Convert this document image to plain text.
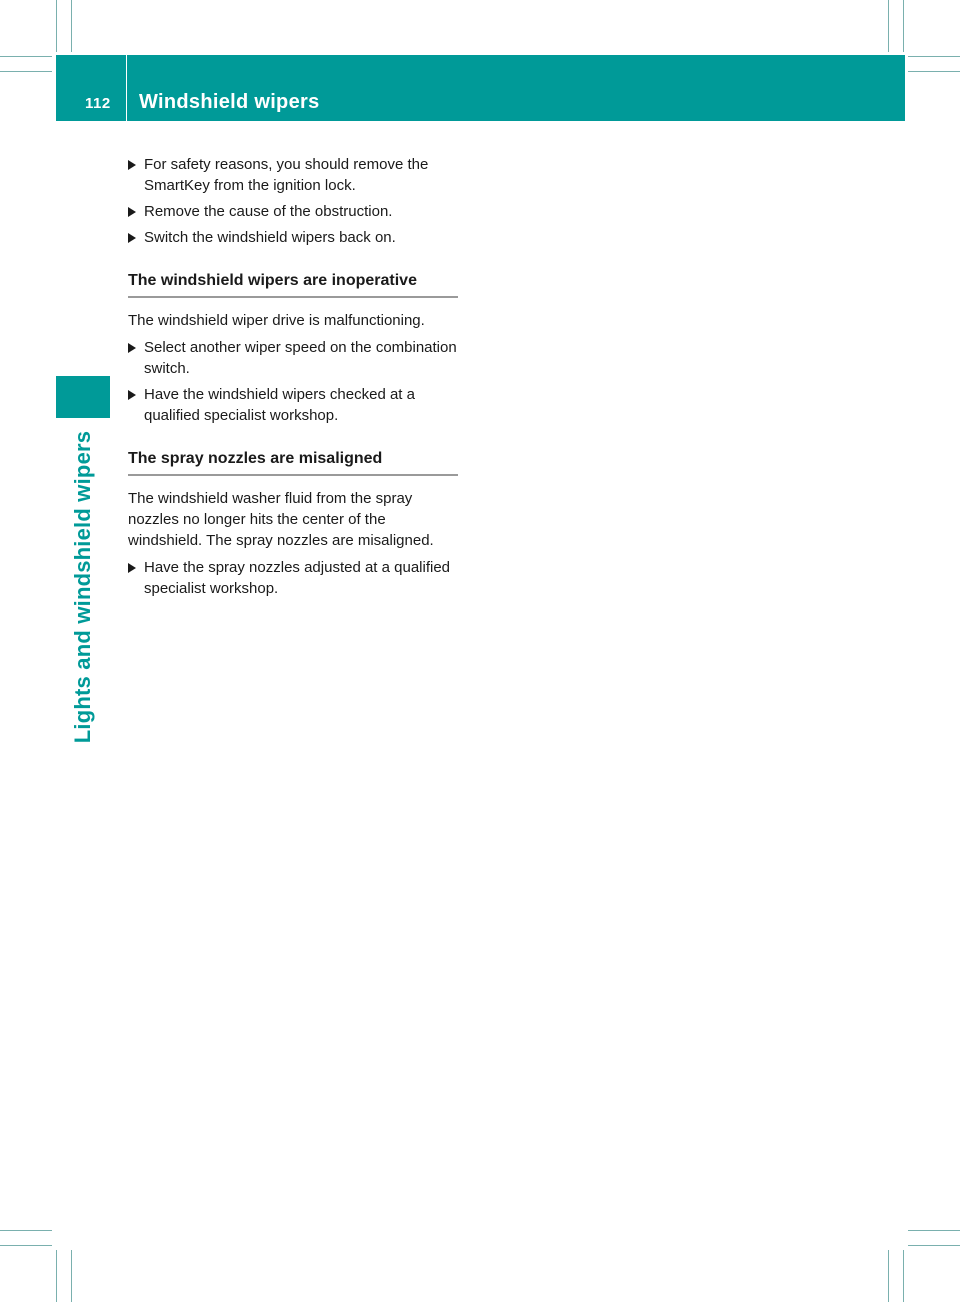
112 Windshield wipers
Lights and windshield wipers
For safety reasons, you should remove the SmartKey from the ignition lock.
Remove the cause of the obstruction.
Switch the windshield wipers back on.
The windshield wipers are inoperative
The windshield wiper drive is malfunctioning.
Select another wiper speed on the combination switch.
Have the windshield wipers checked at a qualified specialist workshop.
The spray nozzles are misaligned
The windshield washer fluid from the spray nozzles no longer hits the center of the windshield. The spray nozzles are misaligned.
Have the spray nozzles adjusted at a qualified specialist workshop.
